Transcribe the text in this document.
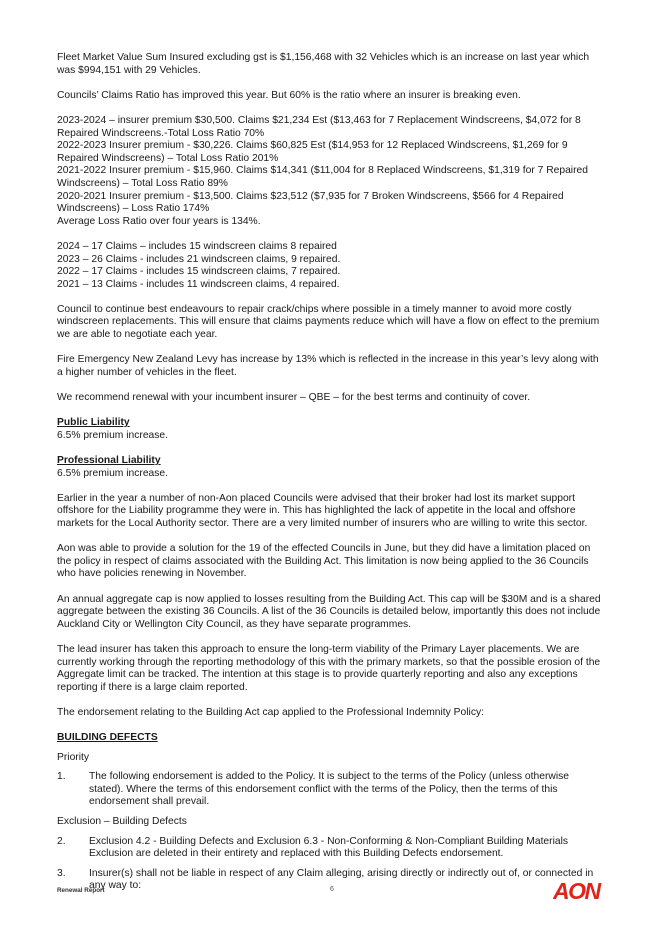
Fleet Market Value Sum Insured excluding gst is $1,156,468 with 32 Vehicles which is an increase on last year which was $994,151 with 29 Vehicles.

Councils’ Claims Ratio has improved this year. But 60% is the ratio where an insurer is breaking even.

2023-2024 – insurer premium $30,500. Claims $21,234 Est ($13,463 for 7 Replacement Windscreens, $4,072 for 8 Repaired Windscreens.-Total Loss Ratio 70%

2022-2023 Insurer premium - $30,226. Claims $60,825 Est ($14,953 for 12 Replaced Windscreens, $1,269 for 9 Repaired Windscreens) – Total Loss Ratio 201%

2021-2022 Insurer premium - $15,960. Claims $14,341 ($11,004 for 8 Replaced Windscreens, $1,319 for 7 Repaired Windscreens) – Total Loss Ratio 89%

2020-2021 Insurer premium - $13,500. Claims $23,512 ($7,935 for 7 Broken Windscreens, $566 for 4 Repaired Windscreens) – Loss Ratio 174%

Average Loss Ratio over four years is 134%.

2024 – 17 Claims – includes 15 windscreen claims 8 repaired

2023 – 26 Claims - includes 21 windscreen claims, 9 repaired.

2022 – 17 Claims - includes 15 windscreen claims, 7 repaired.

2021 – 13 Claims - includes 11 windscreen claims, 4 repaired.

Council to continue best endeavours to repair crack/chips where possible in a timely manner to avoid more costly windscreen replacements. This will ensure that claims payments reduce which will have a flow on effect to the premium we are able to negotiate each year.

Fire Emergency New Zealand Levy has increase by 13% which is reflected in the increase in this year’s levy along with a higher number of vehicles in the fleet.

We recommend renewal with your incumbent insurer – QBE – for the best terms and continuity of cover.

Public Liability

6.5% premium increase.

Professional Liability

6.5% premium increase.

Earlier in the year a number of non-Aon placed Councils were advised that their broker had lost its market support offshore for the Liability programme they were in. This has highlighted the lack of appetite in the local and offshore markets for the Local Authority sector. There are a very limited number of insurers who are willing to write this sector.

Aon was able to provide a solution for the 19 of the effected Councils in June, but they did have a limitation placed on the policy in respect of claims associated with the Building Act. This limitation is now being applied to the 36 Councils who have policies renewing in November.

An annual aggregate cap is now applied to losses resulting from the Building Act. This cap will be $30M and is a shared aggregate between the existing 36 Councils. A list of the 36 Councils is detailed below, importantly this does not include Auckland City or Wellington City Council, as they have separate programmes.

The lead insurer has taken this approach to ensure the long-term viability of the Primary Layer placements. We are currently working through the reporting methodology of this with the primary markets, so that the possible erosion of the Aggregate limit can be tracked. The intention at this stage is to provide quarterly reporting and also any exceptions reporting if there is a large claim reported.

The endorsement relating to the Building Act cap applied to the Professional Indemnity Policy:

BUILDING DEFECTS

Priority

1.	The following endorsement is added to the Policy. It is subject to the terms of the Policy (unless otherwise stated). Where the terms of this endorsement conflict with the terms of the Policy, then the terms of this endorsement shall prevail.

Exclusion – Building Defects

2.	Exclusion 4.2 - Building Defects and Exclusion 6.3 - Non-Conforming & Non-Compliant Building Materials Exclusion are deleted in their entirety and replaced with this Building Defects endorsement.
3.	Insurer(s) shall not be liable in respect of any Claim alleging, arising directly or indirectly out of, or connected in any way to:
Renewal Report	6	AON
